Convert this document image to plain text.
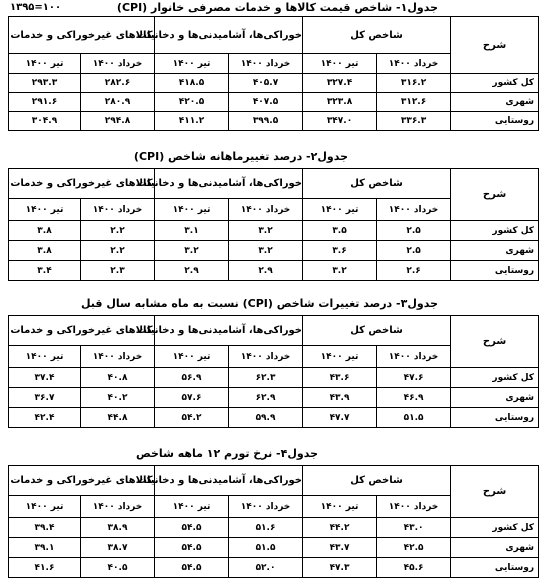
۱۳۹۵=۱۰۰	جدول۱- شاخص قیمت کالاها و خدمات مصرفی خانوار (CPI)
شرح	شاخص کل		خوراکی‌ها، آشامیدنی‌ها و دخانیات		کالاهای غیرخوراکی و خدمات	
	خرداد ۱۴۰۰	تیر ۱۴۰۰	خرداد ۱۴۰۰	تیر ۱۴۰۰	خرداد ۱۴۰۰	تیر ۱۴۰۰
کل کشور	۳۱۶.۲	۳۲۷.۴	۴۰۵.۷	۴۱۸.۵	۲۸۲.۶	۲۹۳.۳
شهری	۳۱۲.۶	۳۲۳.۸	۴۰۷.۵	۴۲۰.۵	۲۸۰.۹	۲۹۱.۶
روستایی	۳۳۶.۳	۳۴۷.۰	۳۹۹.۵	۴۱۱.۲	۲۹۴.۸	۳۰۴.۹
جدول۲- درصد تغییرماهانه شاخص (CPI)
شرح	شاخص کل		خوراکی‌ها، آشامیدنی‌ها و دخانیات		کالاهای غیرخوراکی و خدمات	
	خرداد ۱۴۰۰	تیر ۱۴۰۰	خرداد ۱۴۰۰	تیر ۱۴۰۰	خرداد ۱۴۰۰	تیر ۱۴۰۰
کل کشور	۲.۵	۳.۵	۳.۲	۳.۱	۲.۲	۳.۸
شهری	۲.۵	۳.۶	۳.۲	۳.۲	۲.۲	۳.۸
روستایی	۲.۶	۳.۲	۲.۹	۲.۹	۲.۳	۳.۴
جدول۳- درصد تغییرات شاخص (CPI) نسبت به ماه مشابه سال قبل
شرح	شاخص کل		خوراکی‌ها، آشامیدنی‌ها و دخانیات		کالاهای غیرخوراکی و خدمات	
	خرداد ۱۴۰۰	تیر ۱۴۰۰	خرداد ۱۴۰۰	تیر ۱۴۰۰	خرداد ۱۴۰۰	تیر ۱۴۰۰
کل کشور	۴۷.۶	۴۳.۶	۶۲.۳	۵۶.۹	۴۰.۸	۳۷.۴
شهری	۴۶.۹	۴۳.۹	۶۲.۹	۵۷.۶	۴۰.۲	۳۶.۷
روستایی	۵۱.۵	۴۷.۷	۵۹.۹	۵۴.۲	۴۴.۸	۴۲.۴
جدول۴- نرخ تورم ۱۲ ماهه شاخص
شرح	شاخص کل		خوراکی‌ها، آشامیدنی‌ها و دخانیات		کالاهای غیرخوراکی و خدمات	
	خرداد ۱۴۰۰	تیر ۱۴۰۰	خرداد ۱۴۰۰	تیر ۱۴۰۰	خرداد ۱۴۰۰	تیر ۱۴۰۰
کل کشور	۴۳.۰	۴۴.۲	۵۱.۶	۵۴.۵	۳۸.۹	۳۹.۴
شهری	۴۲.۵	۴۳.۷	۵۱.۵	۵۴.۵	۳۸.۷	۳۹.۱
روستایی	۴۵.۶	۴۷.۳	۵۲.۰	۵۴.۵	۴۰.۵	۴۱.۶
